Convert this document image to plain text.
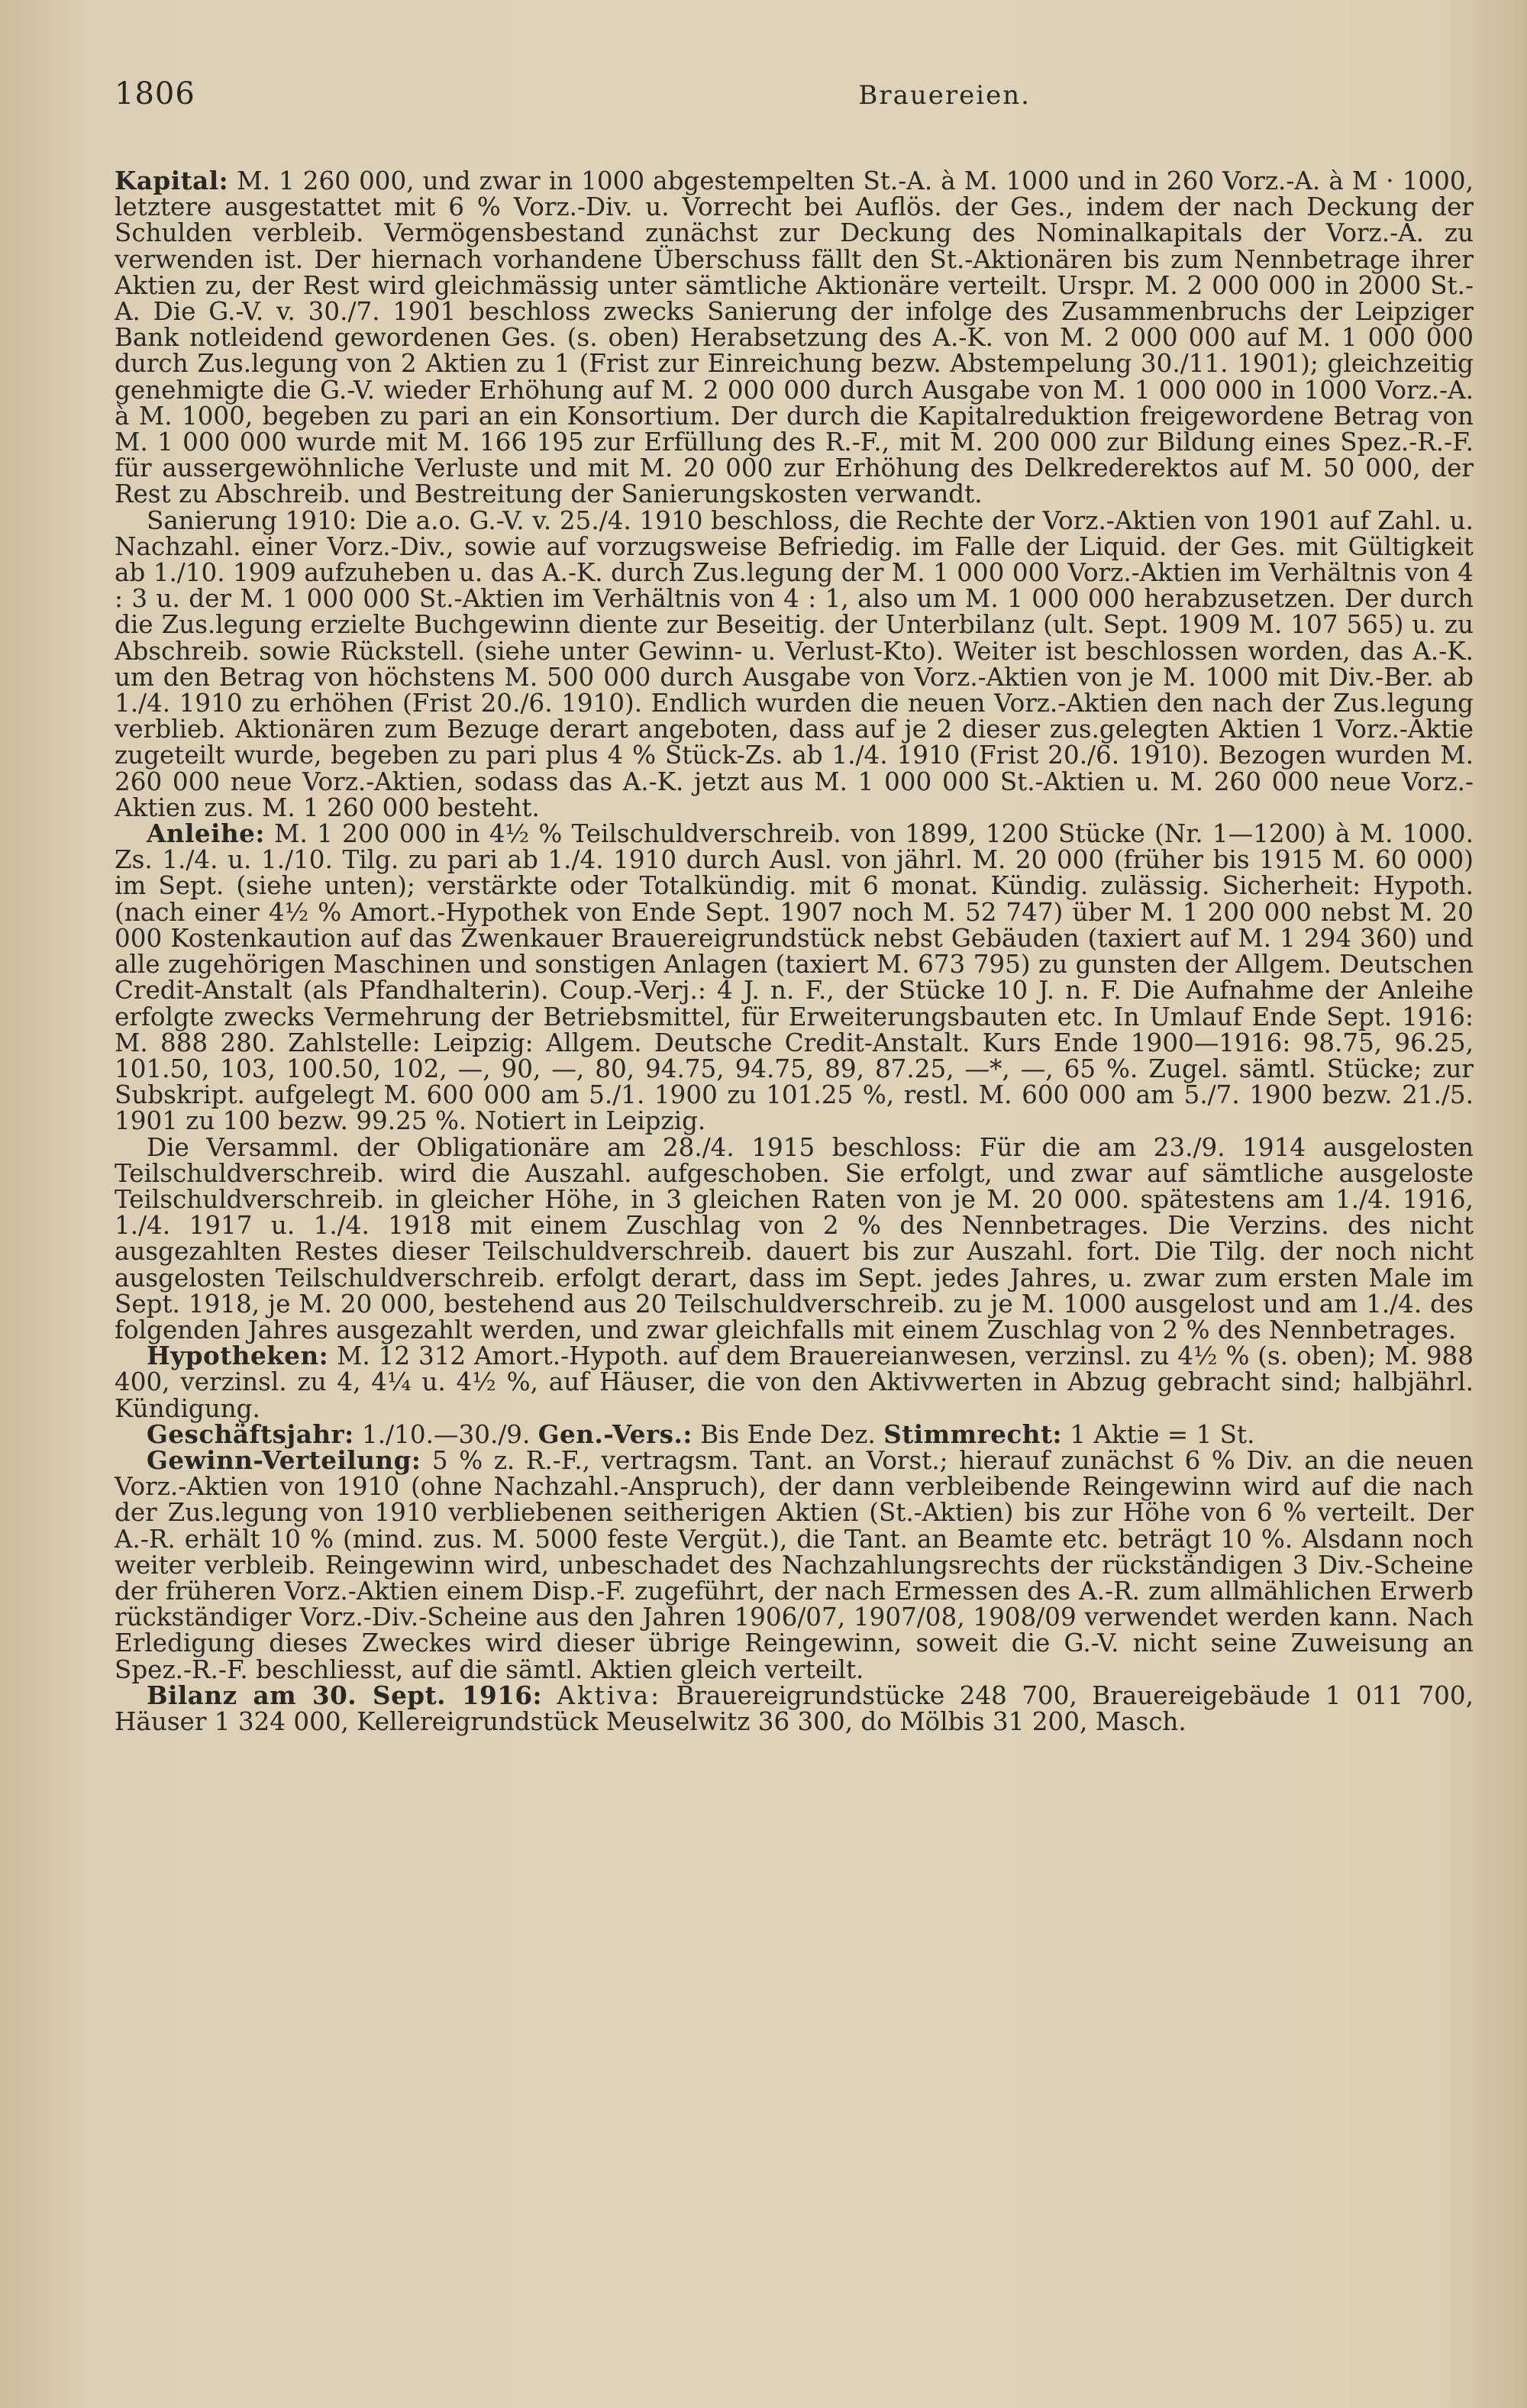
1806	Brauereien.

Kapital: M. 1 260 000, und zwar in 1000 abgestempelten St.-A. à M. 1000 und in 260 Vorz.-A. à M · 1000, letztere ausgestattet mit 6 % Vorz.-Div. u. Vorrecht bei Auflös. der Ges., indem der nach Deckung der Schulden verbleib. Vermögensbestand zunächst zur Deckung des Nominalkapitals der Vorz.-A. zu verwenden ist. Der hiernach vorhandene Überschuss fällt den St.-Aktionären bis zum Nennbetrage ihrer Aktien zu, der Rest wird gleichmässig unter sämtliche Aktionäre verteilt. Urspr. M. 2 000 000 in 2000 St.-A. Die G.-V. v. 30./7. 1901 beschloss zwecks Sanierung der infolge des Zusammenbruchs der Leipziger Bank notleidend gewordenen Ges. (s. oben) Herabsetzung des A.-K. von M. 2 000 000 auf M. 1 000 000 durch Zus.legung von 2 Aktien zu 1 (Frist zur Einreichung bezw. Abstempelung 30./11. 1901); gleichzeitig genehmigte die G.-V. wieder Erhöhung auf M. 2 000 000 durch Ausgabe von M. 1 000 000 in 1000 Vorz.-A. à M. 1000, begeben zu pari an ein Konsortium. Der durch die Kapitalreduktion freigewordene Betrag von M. 1 000 000 wurde mit M. 166 195 zur Erfüllung des R.-F., mit M. 200 000 zur Bildung eines Spez.-R.-F. für aussergewöhnliche Verluste und mit M. 20 000 zur Erhöhung des Delkrederektos auf M. 50 000, der Rest zu Abschreib. und Bestreitung der Sanierungskosten verwandt.

Sanierung 1910: Die a.o. G.-V. v. 25./4. 1910 beschloss, die Rechte der Vorz.-Aktien von 1901 auf Zahl. u. Nachzahl. einer Vorz.-Div., sowie auf vorzugsweise Befriedig. im Falle der Liquid. der Ges. mit Gültigkeit ab 1./10. 1909 aufzuheben u. das A.-K. durch Zus.legung der M. 1 000 000 Vorz.-Aktien im Verhältnis von 4 : 3 u. der M. 1 000 000 St.-Aktien im Verhältnis von 4 : 1, also um M. 1 000 000 herabzusetzen. Der durch die Zus.legung erzielte Buchgewinn diente zur Beseitig. der Unterbilanz (ult. Sept. 1909 M. 107 565) u. zu Abschreib. sowie Rückstell. (siehe unter Gewinn- u. Verlust-Kto). Weiter ist beschlossen worden, das A.-K. um den Betrag von höchstens M. 500 000 durch Ausgabe von Vorz.-Aktien von je M. 1000 mit Div.-Ber. ab 1./4. 1910 zu erhöhen (Frist 20./6. 1910). Endlich wurden die neuen Vorz.-Aktien den nach der Zus.legung verblieb. Aktionären zum Bezuge derart angeboten, dass auf je 2 dieser zus.gelegten Aktien 1 Vorz.-Aktie zugeteilt wurde, begeben zu pari plus 4 % Stück-Zs. ab 1./4. 1910 (Frist 20./6. 1910). Bezogen wurden M. 260 000 neue Vorz.-Aktien, sodass das A.-K. jetzt aus M. 1 000 000 St.-Aktien u. M. 260 000 neue Vorz.-Aktien zus. M. 1 260 000 besteht.

Anleihe: M. 1 200 000 in 4½ % Teilschuldverschreib. von 1899, 1200 Stücke (Nr. 1—1200) à M. 1000. Zs. 1./4. u. 1./10. Tilg. zu pari ab 1./4. 1910 durch Ausl. von jährl. M. 20 000 (früher bis 1915 M. 60 000) im Sept. (siehe unten); verstärkte oder Totalkündig. mit 6 monat. Kündig. zulässig. Sicherheit: Hypoth. (nach einer 4½ % Amort.-Hypothek von Ende Sept. 1907 noch M. 52 747) über M. 1 200 000 nebst M. 20 000 Kostenkaution auf das Zwenkauer Brauereigrundstück nebst Gebäuden (taxiert auf M. 1 294 360) und alle zugehörigen Maschinen und sonstigen Anlagen (taxiert M. 673 795) zu gunsten der Allgem. Deutschen Credit-Anstalt (als Pfandhalterin). Coup.-Verj.: 4 J. n. F., der Stücke 10 J. n. F. Die Aufnahme der Anleihe erfolgte zwecks Vermehrung der Betriebsmittel, für Erweiterungsbauten etc. In Umlauf Ende Sept. 1916: M. 888 280. Zahlstelle: Leipzig: Allgem. Deutsche Credit-Anstalt. Kurs Ende 1900—1916: 98.75, 96.25, 101.50, 103, 100.50, 102, —, 90, —, 80, 94.75, 94.75, 89, 87.25, —*, —, 65 %. Zugel. sämtl. Stücke; zur Subskript. aufgelegt M. 600 000 am 5./1. 1900 zu 101.25 %, restl. M. 600 000 am 5./7. 1900 bezw. 21./5. 1901 zu 100 bezw. 99.25 %. Notiert in Leipzig.

Die Versamml. der Obligationäre am 28./4. 1915 beschloss: Für die am 23./9. 1914 ausgelosten Teilschuldverschreib. wird die Auszahl. aufgeschoben. Sie erfolgt, und zwar auf sämtliche ausgeloste Teilschuldverschreib. in gleicher Höhe, in 3 gleichen Raten von je M. 20 000. spätestens am 1./4. 1916, 1./4. 1917 u. 1./4. 1918 mit einem Zuschlag von 2 % des Nennbetrages. Die Verzins. des nicht ausgezahlten Restes dieser Teilschuldverschreib. dauert bis zur Auszahl. fort. Die Tilg. der noch nicht ausgelosten Teilschuldverschreib. erfolgt derart, dass im Sept. jedes Jahres, u. zwar zum ersten Male im Sept. 1918, je M. 20 000, bestehend aus 20 Teilschuldverschreib. zu je M. 1000 ausgelost und am 1./4. des folgenden Jahres ausgezahlt werden, und zwar gleichfalls mit einem Zuschlag von 2 % des Nennbetrages.

Hypotheken: M. 12 312 Amort.-Hypoth. auf dem Brauereianwesen, verzinsl. zu 4½ % (s. oben); M. 988 400, verzinsl. zu 4, 4¼ u. 4½ %, auf Häuser, die von den Aktivwerten in Abzug gebracht sind; halbjährl. Kündigung.

Geschäftsjahr: 1./10.—30./9. Gen.-Vers.: Bis Ende Dez. Stimmrecht: 1 Aktie = 1 St.

Gewinn-Verteilung: 5 % z. R.-F., vertragsm. Tant. an Vorst.; hierauf zunächst 6 % Div. an die neuen Vorz.-Aktien von 1910 (ohne Nachzahl.-Anspruch), der dann verbleibende Reingewinn wird auf die nach der Zus.legung von 1910 verbliebenen seitherigen Aktien (St.-Aktien) bis zur Höhe von 6 % verteilt. Der A.-R. erhält 10 % (mind. zus. M. 5000 feste Vergüt.), die Tant. an Beamte etc. beträgt 10 %. Alsdann noch weiter verbleib. Reingewinn wird, unbeschadet des Nachzahlungsrechts der rückständigen 3 Div.-Scheine der früheren Vorz.-Aktien einem Disp.-F. zugeführt, der nach Ermessen des A.-R. zum allmählichen Erwerb rückständiger Vorz.-Div.-Scheine aus den Jahren 1906/07, 1907/08, 1908/09 verwendet werden kann. Nach Erledigung dieses Zweckes wird dieser übrige Reingewinn, soweit die G.-V. nicht seine Zuweisung an Spez.-R.-F. beschliesst, auf die sämtl. Aktien gleich verteilt.

Bilanz am 30. Sept. 1916: Aktiva: Brauereigrundstücke 248 700, Brauereigebäude 1 011 700, Häuser 1 324 000, Kellereigrundstück Meuselwitz 36 300, do Mölbis 31 200, Masch.
